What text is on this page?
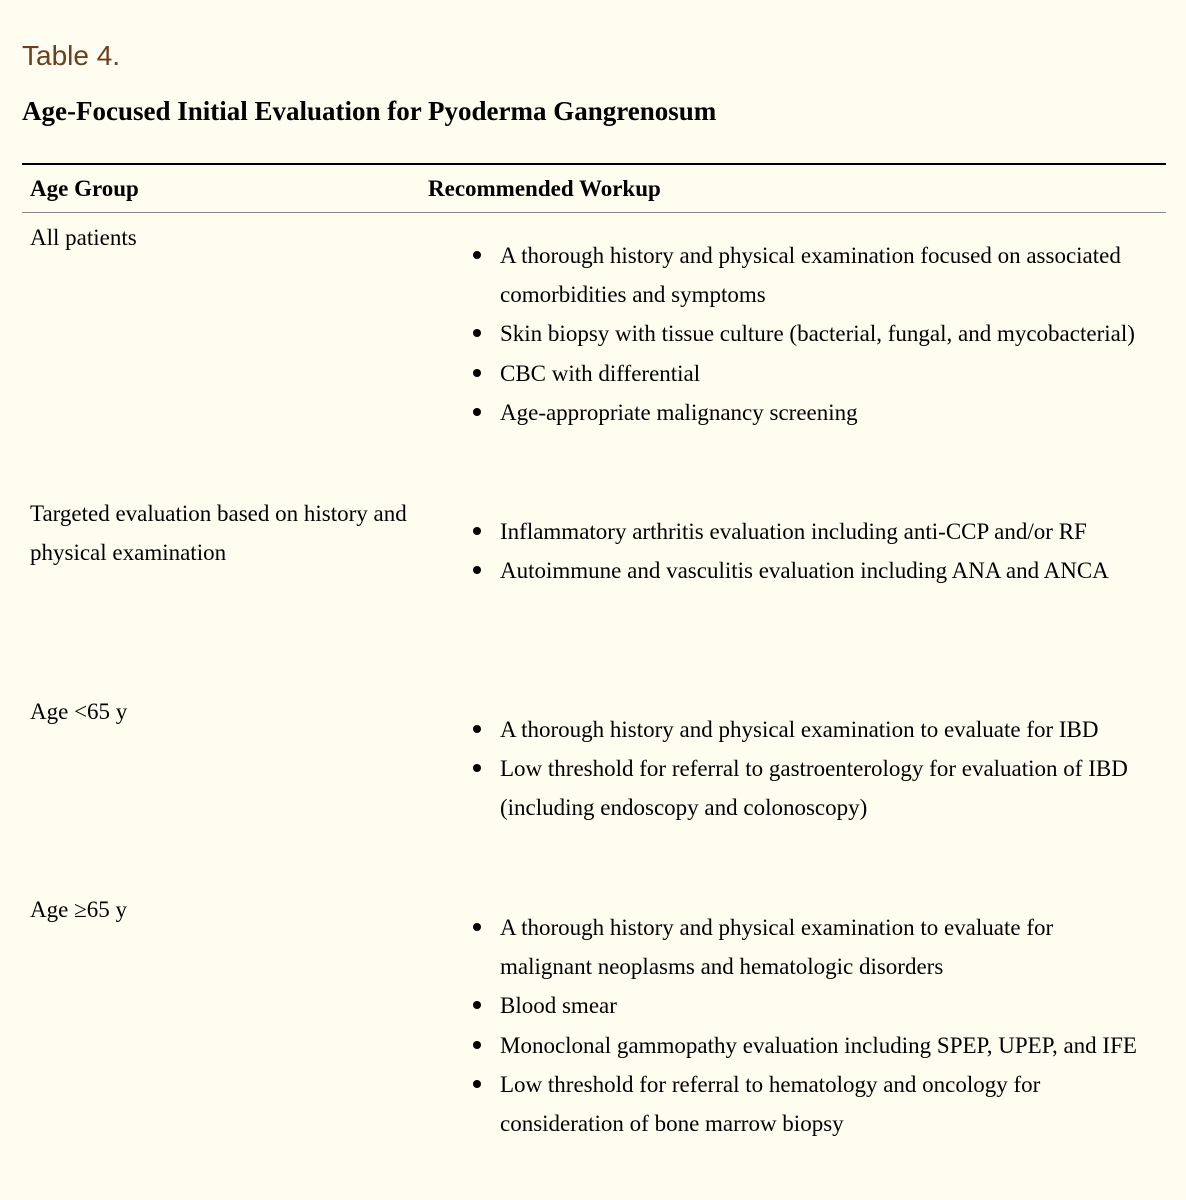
Table 4.
Age-Focused Initial Evaluation for Pyoderma Gangrenosum
Age Group	Recommended Workup
All patients
A thorough history and physical examination focused on associated comorbidities and symptoms
Skin biopsy with tissue culture (bacterial, fungal, and mycobacterial)
CBC with differential
Age-appropriate malignancy screening
Targeted evaluation based on history and physical examination
Inflammatory arthritis evaluation including anti-CCP and/or RF
Autoimmune and vasculitis evaluation including ANA and ANCA
Age <65 y
A thorough history and physical examination to evaluate for IBD
Low threshold for referral to gastroenterology for evaluation of IBD (including endoscopy and colonoscopy)
Age ≥65 y
A thorough history and physical examination to evaluate for malignant neoplasms and hematologic disorders
Blood smear
Monoclonal gammopathy evaluation including SPEP, UPEP, and IFE
Low threshold for referral to hematology and oncology for consideration of bone marrow biopsy
